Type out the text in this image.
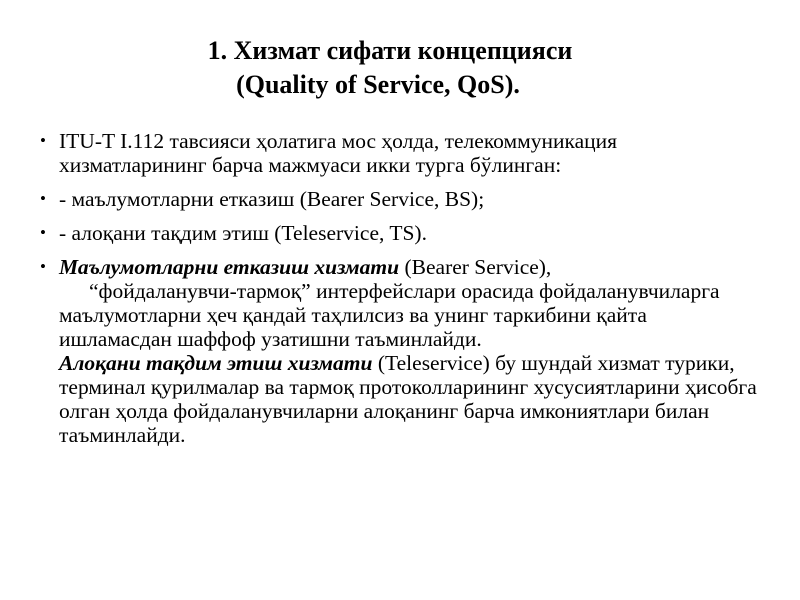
1. Хизмат сифати концепцияси
(Quality of Service, QoS).
• ITU-T I.112 тавсияси ҳолатига мос ҳолда, телекоммуникация хизматларининг барча мажмуаси икки турга бўлинган:
• - маълумотларни етказиш (Bearer Service, BS);
• - алоқани тақдим этиш (Teleservice, TS).
• Маълумотларни етказиш хизмати (Bearer Service),
“фойдаланувчи-тармоқ” интерфейслари орасида фойдаланувчиларга маълумотларни ҳеч қандай таҳлилсиз ва унинг таркибини қайта ишламасдан шаффоф узатишни таъминлайди.
Алоқани тақдим этиш хизмати (Teleservice) бу шундай хизмат турики, терминал қурилмалар ва тармоқ протоколларининг хусусиятларини ҳисобга олган ҳолда фойдаланувчиларни алоқанинг барча имкониятлари билан таъминлайди.
